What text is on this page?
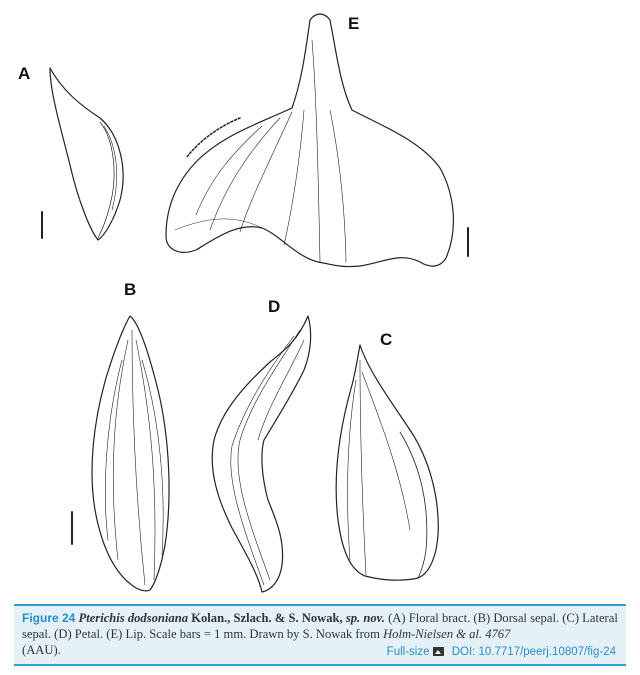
A
E
B
D
C
Figure 24 Pterichis dodsoniana Kolan., Szlach. & S. Nowak, sp. nov. (A) Floral bract. (B) Dorsal sepal. (C) Lateral sepal. (D) Petal. (E) Lip. Scale bars = 1 mm. Drawn by S. Nowak from Holm-Nielsen & al. 4767
(AAU).	Full-size DOI: 10.7717/peerj.10807/fig-24
